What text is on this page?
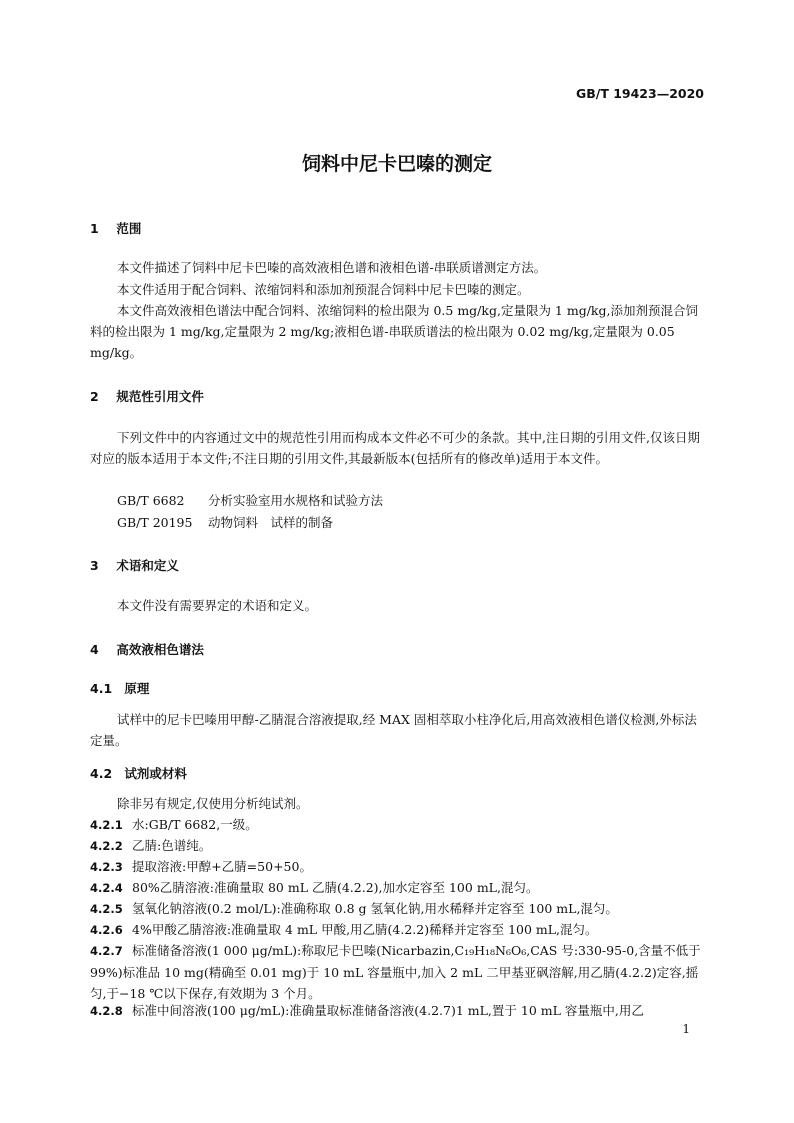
GB/T 19423—2020
饲料中尼卡巴嗪的测定
1 范围

本文件描述了饲料中尼卡巴嗪的高效液相色谱和液相色谱-串联质谱测定方法。

本文件适用于配合饲料、浓缩饲料和添加剂预混合饲料中尼卡巴嗪的测定。

本文件高效液相色谱法中配合饲料、浓缩饲料的检出限为 0.5 mg/kg,定量限为 1 mg/kg,添加剂预混合饲料的检出限为 1 mg/kg,定量限为 2 mg/kg;液相色谱-串联质谱法的检出限为 0.02 mg/kg,定量限为 0.05 mg/kg。

2 规范性引用文件

下列文件中的内容通过文中的规范性引用而构成本文件必不可少的条款。其中,注日期的引用文件,仅该日期对应的版本适用于本文件;不注日期的引用文件,其最新版本(包括所有的修改单)适用于本文件。

GB/T 6682 分析实验室用水规格和试验方法
GB/T 20195 动物饲料　试样的制备
3 术语和定义

本文件没有需要界定的术语和定义。

4 高效液相色谱法
4.1 原理

试样中的尼卡巴嗪用甲醇-乙腈混合溶液提取,经 MAX 固相萃取小柱净化后,用高效液相色谱仪检测,外标法定量。

4.2 试剂或材料

除非另有规定,仅使用分析纯试剂。

4.2.1 水:GB/T 6682,一级。

4.2.2 乙腈:色谱纯。

4.2.3 提取溶液:甲醇+乙腈=50+50。

4.2.4 80%乙腈溶液:准确量取 80 mL 乙腈(4.2.2),加水定容至 100 mL,混匀。

4.2.5 氢氧化钠溶液(0.2 mol/L):准确称取 0.8 g 氢氧化钠,用水稀释并定容至 100 mL,混匀。

4.2.6 4%甲酸乙腈溶液:准确量取 4 mL 甲酸,用乙腈(4.2.2)稀释并定容至 100 mL,混匀。

4.2.7 标准储备溶液(1 000 μg/mL):称取尼卡巴嗪(Nicarbazin,C₁₉H₁₈N₆O₆,CAS 号:330-95-0,含量不低于 99%)标准品 10 mg(精确至 0.01 mg)于 10 mL 容量瓶中,加入 2 mL 二甲基亚砜溶解,用乙腈(4.2.2)定容,摇匀,于−18 ℃以下保存,有效期为 3 个月。

4.2.8 标准中间溶液(100 μg/mL):准确量取标准储备溶液(4.2.7)1 mL,置于 10 mL 容量瓶中,用乙

1
